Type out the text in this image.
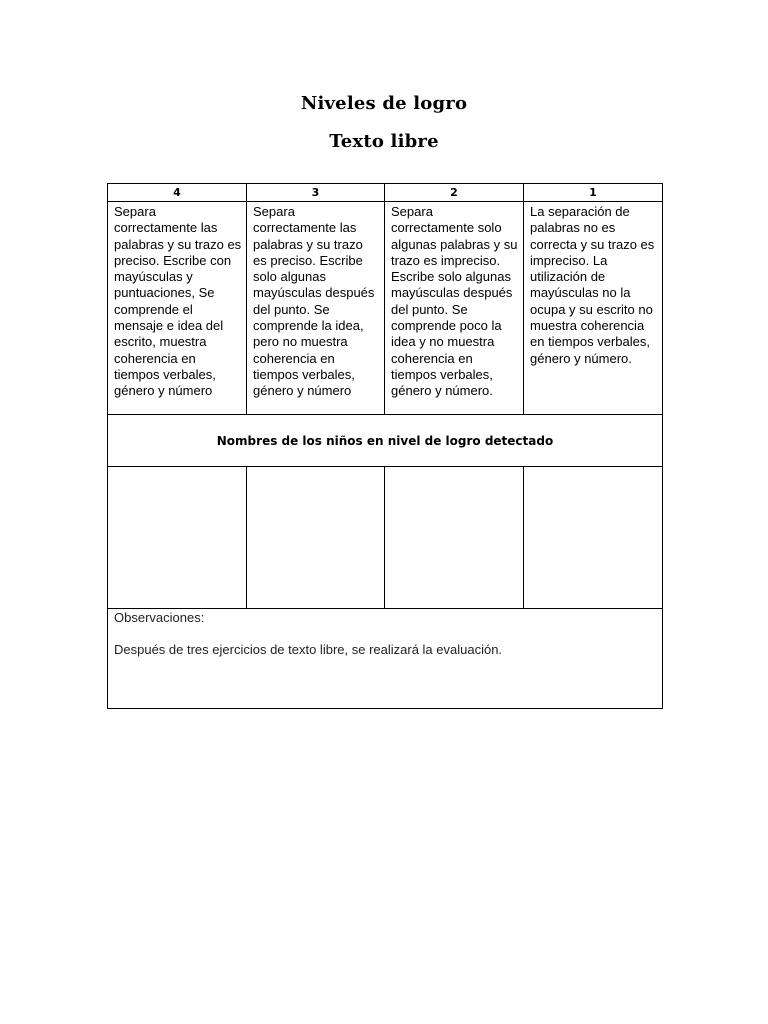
Niveles de logro
Texto libre
4	3	2	1
Separa correctamente las palabras y su trazo es preciso. Escribe con mayúsculas y puntuaciones, Se comprende el mensaje e idea del escrito, muestra coherencia en tiempos verbales, género y número	Separa correctamente las palabras y su trazo es preciso. Escribe solo algunas mayúsculas después del punto. Se comprende la idea, pero no muestra coherencia en tiempos verbales, género y número	Separa correctamente solo algunas palabras y su trazo es impreciso. Escribe solo algunas mayúsculas después del punto. Se comprende poco la idea y no muestra coherencia en tiempos verbales, género y número.	La separación de palabras no es correcta y su trazo es impreciso. La utilización de mayúsculas no la ocupa y su escrito no muestra coherencia en tiempos verbales, género y número.
Nombres de los niños en nivel de logro detectado			

Observaciones:
Después de tres ejercicios de texto libre, se realizará la evaluación.			
